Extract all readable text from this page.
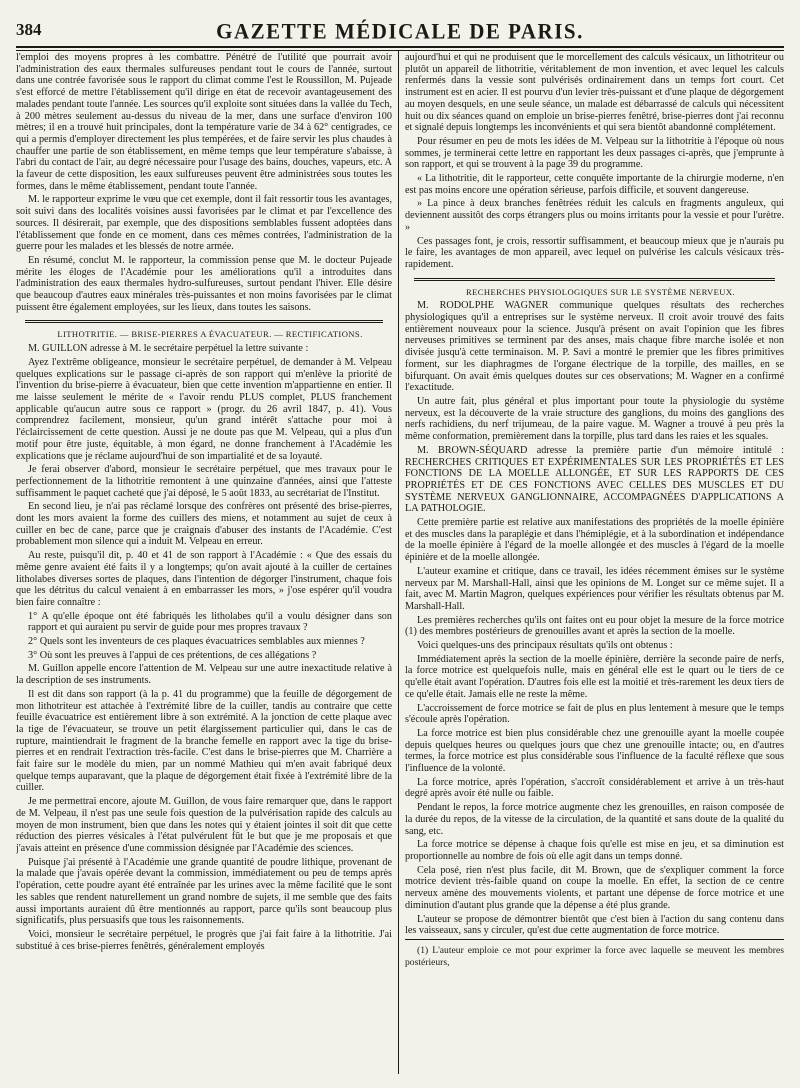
384	GAZETTE MÉDICALE DE PARIS.

l'emploi des moyens propres à les combattre. Pénétré de l'utilité que pourrait avoir l'administration des eaux thermales sulfureuses pendant tout le cours de l'année, surtout dans une contrée favorisée sous le rapport du climat comme l'est le Roussillon, M. Pujeade s'est efforcé de mettre l'établissement qu'il dirige en état de recevoir avantageusement des malades pendant toute l'année. Les sources qu'il exploite sont situées dans la vallée du Tech, à 200 mètres seulement au-dessus du niveau de la mer, dans une surface d'environ 100 mètres; il en a trouvé huit principales, dont la température varie de 34 à 62° centigrades, ce qui a permis d'employer directement les plus tempérées, et de faire servir les plus chaudes à chauffer une partie de son établissement, en même temps que leur température s'abaisse, à l'abri du contact de l'air, au degré nécessaire pour l'usage des bains, douches, vapeurs, etc. A la faveur de cette disposition, les eaux sulfureuses peuvent être administrées sous toutes les formes, dans le même établissement, pendant toute l'année.

M. le rapporteur exprime le vœu que cet exemple, dont il fait ressortir tous les avantages, soit suivi dans des localités voisines aussi favorisées par le climat et par l'excellence des sources. Il désirerait, par exemple, que des dispositions semblables fussent adoptées dans l'établissement que fonde en ce moment, dans ces mêmes contrées, l'administration de la guerre pour les malades et les blessés de notre armée.

En résumé, conclut M. le rapporteur, la commission pense que M. le docteur Pujeade mérite les éloges de l'Académie pour les améliorations qu'il a introduites dans l'administration des eaux thermales hydro-sulfureuses, surtout pendant l'hiver. Elle désire que beaucoup d'autres eaux minérales très-puissantes et non moins favorisées par le climat puissent être également employées, sur les lieux, dans toutes les saisons.

LITHOTRITIE. — BRISE-PIERRES A ÉVACUATEUR. — RECTIFICATIONS.

M. GUILLON adresse à M. le secrétaire perpétuel la lettre suivante :

Ayez l'extrême obligeance, monsieur le secrétaire perpétuel, de demander à M. Velpeau quelques explications sur le passage ci-après de son rapport qui m'enlève la priorité de l'invention du brise-pierre à évacuateur, bien que cette invention m'appartienne en entier. Il me laisse seulement le mérite de « l'avoir rendu PLUS complet, PLUS franchement applicable qu'aucun autre sous ce rapport » (progr. du 26 avril 1847, p. 41). Vous comprendrez facilement, monsieur, qu'un grand intérêt s'attache pour moi à l'éclaircissement de cette question. Aussi je ne doute pas que M. Velpeau, qui a plus d'un motif pour être juste, équitable, à mon égard, ne donne franchement à l'Académie les explications que je réclame aujourd'hui de son impartialité et de sa loyauté.

Je ferai observer d'abord, monsieur le secrétaire perpétuel, que mes travaux pour le perfectionnement de la lithotritie remontent à une quinzaine d'années, ainsi que l'atteste suffisamment le paquet cacheté que j'ai déposé, le 5 août 1833, au secrétariat de l'Institut.

En second lieu, je n'ai pas réclamé lorsque des confrères ont présenté des brise-pierres, dont les mors avaient la forme des cuillers des miens, et notamment au sujet de ceux à cuiller en bec de cane, parce que je craignais d'abuser des instants de l'Académie. C'est probablement mon silence qui a induit M. Velpeau en erreur.

Au reste, puisqu'il dit, p. 40 et 41 de son rapport à l'Académie : « Que des essais du même genre avaient été faits il y a longtemps; qu'on avait ajouté à la cuiller de certaines litholabes diverses sortes de plaques, dans l'intention de dégorger l'instrument, chaque fois que les détritus du calcul venaient à en embarrasser les mors, » j'ose espérer qu'il voudra bien faire connaître :

1° A qu'elle époque ont été fabriqués les litholabes qu'il a voulu désigner dans son rapport et qui auraient pu servir de guide pour mes propres travaux ?

2° Quels sont les inventeurs de ces plaques évacuatrices semblables aux miennes ?

3° Où sont les preuves à l'appui de ces prétentions, de ces allégations ?

M. Guillon appelle encore l'attention de M. Velpeau sur une autre inexactitude relative à la description de ses instruments.

Il est dit dans son rapport (à la p. 41 du programme) que la feuille de dégorgement de mon lithotriteur est attachée à l'extrémité libre de la cuiller, tandis au contraire que cette feuille évacuatrice est entièrement libre à son extrémité. A la jonction de cette plaque avec la tige de l'évacuateur, se trouve un petit élargissement particulier qui, dans le cas de rupture, maintiendrait le fragment de la branche femelle en rapport avec la tige du brise-pierres et en rendrait l'extraction très-facile. C'est dans le brise-pierres que M. Charrière a fait faire sur le modèle du mien, par un nommé Mathieu qui m'en avait fabriqué deux quelque temps auparavant, que la plaque de dégorgement était fixée à l'extrémité libre de la cuiller.

Je me permettrai encore, ajoute M. Guillon, de vous faire remarquer que, dans le rapport de M. Velpeau, il n'est pas une seule fois question de la pulvérisation rapide des calculs au moyen de mon instrument, bien que dans les notes qui y étaient jointes il soit dit que cette réduction des pierres vésicales à l'état pulvérulent fût le but que je me proposais et que j'avais atteint en présence d'une commission désignée par l'Académie des sciences.

Puisque j'ai présenté à l'Académie une grande quantité de poudre lithique, provenant de la malade que j'avais opérée devant la commission, immédiatement ou peu de temps après l'opération, cette poudre ayant été entraînée par les urines avec la même facilité que le sont les sables que rendent naturellement un grand nombre de sujets, il me semble que des faits aussi importants auraient dû être mentionnés au rapport, parce qu'ils sont beaucoup plus significatifs, plus persuasifs que tous les raisonnements.

Voici, monsieur le secrétaire perpétuel, le progrès que j'ai fait faire à la lithotritie. J'ai substitué à ces brise-pierres fenêtrés, généralement employés

aujourd'hui et qui ne produisent que le morcellement des calculs vésicaux, un lithotriteur ou plutôt un appareil de lithotritie, véritablement de mon invention, et avec lequel les calculs renfermés dans la vessie sont pulvérisés ordinairement dans un temps fort court. Cet instrument est en acier. Il est pourvu d'un levier très-puissant et d'une plaque de dégorgement au moyen desquels, en une seule séance, un malade est débarrassé de calculs qui nécessitent huit ou dix séances quand on emploie un brise-pierres fenêtré, brise-pierres dont j'ai reconnu et signalé depuis longtemps les inconvénients et qui sera bientôt abandonné complétement.

Pour résumer en peu de mots les idées de M. Velpeau sur la lithotritie à l'époque où nous sommes, je terminerai cette lettre en rapportant les deux passages ci-après, que j'emprunte à son rapport, et qui se trouvent à la page 39 du programme.

« La lithotritie, dit le rapporteur, cette conquête importante de la chirurgie moderne, n'en est pas moins encore une opération sérieuse, parfois difficile, et souvent dangereuse.

» La pince à deux branches fenêtrées réduit les calculs en fragments anguleux, qui deviennent aussitôt des corps étrangers plus ou moins irritants pour la vessie et pour l'urètre. »

Ces passages font, je crois, ressortir suffisamment, et beaucoup mieux que je n'aurais pu le faire, les avantages de mon appareil, avec lequel on pulvérise les calculs vésicaux très-rapidement.

RECHERCHES PHYSIOLOGIQUES SUR LE SYSTÈME NERVEUX.

M. RODOLPHE WAGNER communique quelques résultats des recherches physiologiques qu'il a entreprises sur le système nerveux. Il croit avoir trouvé des faits entièrement nouveaux pour la science. Jusqu'à présent on avait l'opinion que les fibres nerveuses primitives se terminent par des anses, mais chaque fibre marche isolée et non divisée jusqu'à cette terminaison. M. P. Savi a montré le premier que les fibres primitives forment, sur les diaphragmes de l'organe électrique de la torpille, des mailles, en se bifurquant. On avait émis quelques doutes sur ces observations; M. Wagner en a confirmé l'exactitude.

Un autre fait, plus général et plus important pour toute la physiologie du système nerveux, est la découverte de la vraie structure des ganglions, du moins des ganglions des nerfs rachidiens, du nerf trijumeau, de la paire vague. M. Wagner a trouvé à peu près la même conformation, premièrement dans la torpille, plus tard dans les raies et les squales.

M. BROWN-SÉQUARD adresse la première partie d'un mémoire intitulé : RECHERCHES CRITIQUES ET EXPÉRIMENTALES SUR LES PROPRIÉTÉS ET LES FONCTIONS DE LA MOELLE ALLONGÉE, ET SUR LES RAPPORTS DE CES PROPRIÉTÉS ET DE CES FONCTIONS AVEC CELLES DES MUSCLES ET DU SYSTÈME NERVEUX GANGLIONNAIRE, ACCOMPAGNÉES D'APPLICATIONS A LA PATHOLOGIE.

Cette première partie est relative aux manifestations des propriétés de la moelle épinière et des muscles dans la paraplégie et dans l'hémiplégie, et à la subordination et indépendance de la moelle épinière à l'égard de la moelle allongée et des muscles à l'égard de la moelle épinière et de la moelle allongée.

L'auteur examine et critique, dans ce travail, les idées récemment émises sur le système nerveux par M. Marshall-Hall, ainsi que les opinions de M. Longet sur ce même sujet. Il a fait, avec M. Martin Magron, quelques expériences pour vérifier les résultats obtenus par M. Marshall-Hall.

Les premières recherches qu'ils ont faites ont eu pour objet la mesure de la force motrice (1) des membres postérieurs de grenouilles avant et après la section de la moelle.

Voici quelques-uns des principaux résultats qu'ils ont obtenus :

Immédiatement après la section de la moelle épinière, derrière la seconde paire de nerfs, la force motrice est quelquefois nulle, mais en général elle est le quart ou le tiers de ce qu'elle était avant l'opération. D'autres fois elle est la moitié et très-rarement les deux tiers de ce qu'elle était. Jamais elle ne reste la même.

L'accroissement de force motrice se fait de plus en plus lentement à mesure que le temps s'écoule après l'opération.

La force motrice est bien plus considérable chez une grenouille ayant la moelle coupée depuis quelques heures ou quelques jours que chez une grenouille intacte; ou, en d'autres termes, la force motrice est plus considérable sous l'influence de la faculté réflexe que sous l'influence de la volonté.

La force motrice, après l'opération, s'accroît considérablement et arrive à un très-haut degré après avoir été nulle ou faible.

Pendant le repos, la force motrice augmente chez les grenouilles, en raison composée de la durée du repos, de la vitesse de la circulation, de la quantité et sans doute de la qualité du sang, etc.

La force motrice se dépense à chaque fois qu'elle est mise en jeu, et sa diminution est proportionnelle au nombre de fois où elle agit dans un temps donné.

Cela posé, rien n'est plus facile, dit M. Brown, que de s'expliquer comment la force motrice devient très-faible quand on coupe la moelle. En effet, la section de ce centre nerveux amène des mouvements violents, et partant une dépense de force motrice et une diminution d'autant plus grande que la dépense a été plus grande.

L'auteur se propose de démontrer bientôt que c'est bien à l'action du sang contenu dans les vaisseaux, sans y circuler, qu'est due cette augmentation de force motrice.

(1) L'auteur emploie ce mot pour exprimer la force avec laquelle se meuvent les membres postérieurs,
